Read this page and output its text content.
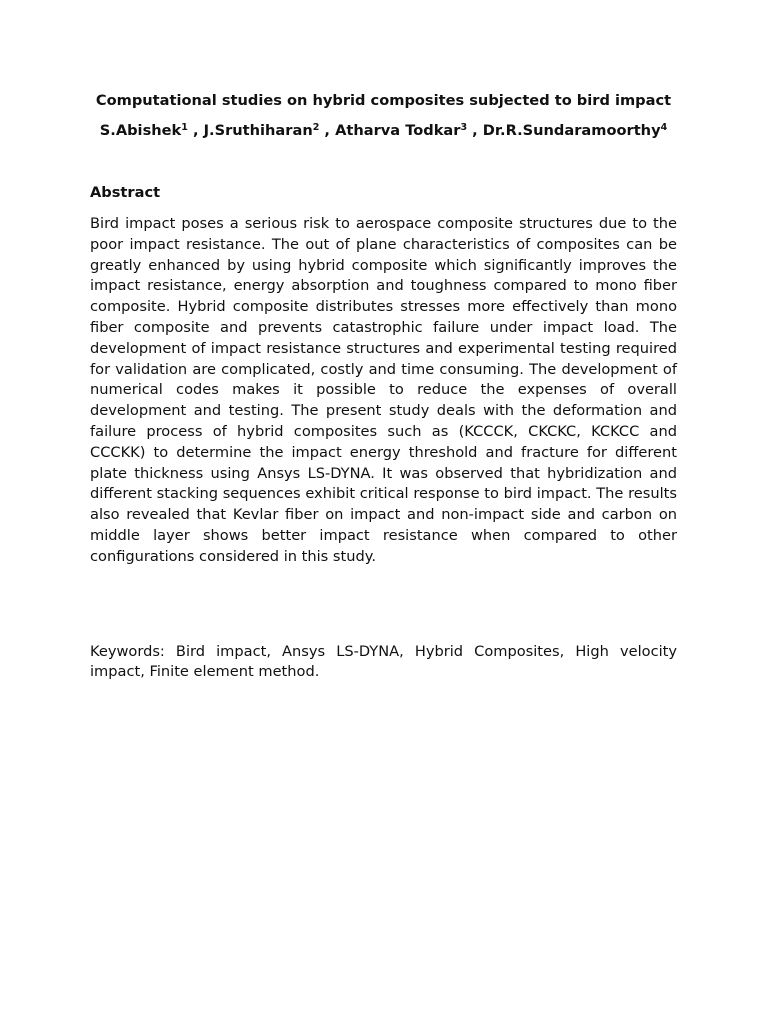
Computational studies on hybrid composites subjected to bird impact

S.Abishek$^1$ , J.Sruthiharan$^2$ , Atharva Todkar$^3$ , Dr.R.Sundaramoorthy$^4$

Abstract

Bird impact poses a serious risk to aerospace composite structures due to the poor impact resistance. The out of plane characteristics of composites can be greatly enhanced by using hybrid composite which significantly improves the impact resistance, energy absorption and toughness compared to mono fiber composite. Hybrid composite distributes stresses more effectively than mono fiber composite and prevents catastrophic failure under impact load. The development of impact resistance structures and experimental testing required for validation are complicated, costly and time consuming. The development of numerical codes makes it possible to reduce the expenses of overall development and testing. The present study deals with the deformation and failure process of hybrid composites such as (KCCCK, CKCKC, KCKCC and CCCKK) to determine the impact energy threshold and fracture for different plate thickness using Ansys LS-DYNA. It was observed that hybridization and different stacking sequences exhibit critical response to bird impact. The results also revealed that Kevlar fiber on impact and non-impact side and carbon on middle layer shows better impact resistance when compared to other configurations considered in this study.

Keywords: Bird impact, Ansys LS-DYNA, Hybrid Composites, High velocity impact, Finite element method.
